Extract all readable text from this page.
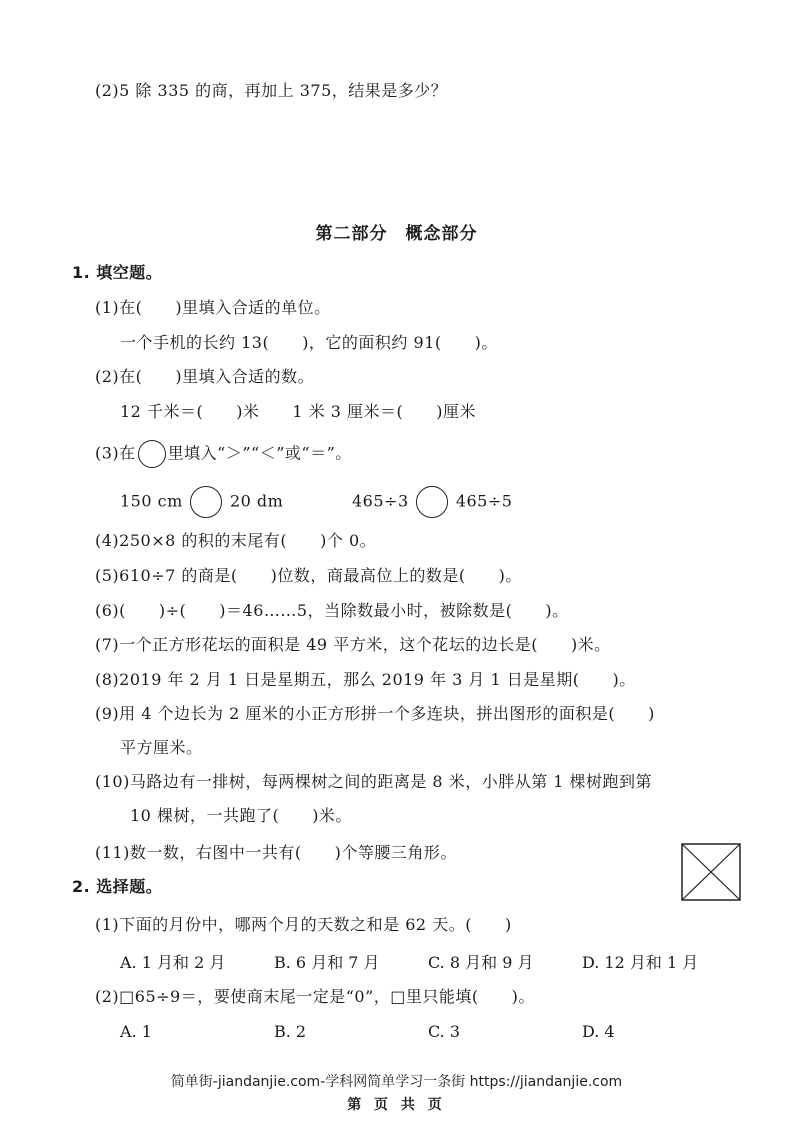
(2)5 除 335 的商，再加上 375，结果是多少？
第二部分　概念部分
1. 填空题。
(1)在(　　)里填入合适的单位。
一个手机的长约 13(　　)，它的面积约 91(　　)。
(2)在(　　)里填入合适的数。
12 千米＝(　　)米　　1 米 3 厘米＝(　　)厘米
(3)在 里填入“＞”“＜”或“＝”。
150 cm	20 dm	465÷3	465÷5
(4)250×8 的积的末尾有(　　)个 0。
(5)610÷7 的商是(　　)位数，商最高位上的数是(　　)。
(6)(　　)÷(　　)＝46……5，当除数最小时，被除数是(　　)。
(7)一个正方形花坛的面积是 49 平方米，这个花坛的边长是(　　)米。
(8)2019 年 2 月 1 日是星期五，那么 2019 年 3 月 1 日是星期(　　)。
(9)用 4 个边长为 2 厘米的小正方形拼一个多连块，拼出图形的面积是(　　)
平方厘米。
(10)马路边有一排树，每两棵树之间的距离是 8 米，小胖从第 1 棵树跑到第
10 棵树，一共跑了(　　)米。
(11)数一数，右图中一共有(　　)个等腰三角形。
2. 选择题。
(1)下面的月份中，哪两个月的天数之和是 62 天。(　　)
A. 1 月和 2 月	B. 6 月和 7 月	C. 8 月和 9 月	D. 12 月和 1 月
(2)□65÷9＝，要使商末尾一定是“0”，□里只能填(　　)。
A. 1	B. 2	C. 3	D. 4
简单街-jiandanjie.com-学科网简单学习一条街 https://jiandanjie.com
第 页 共 页
